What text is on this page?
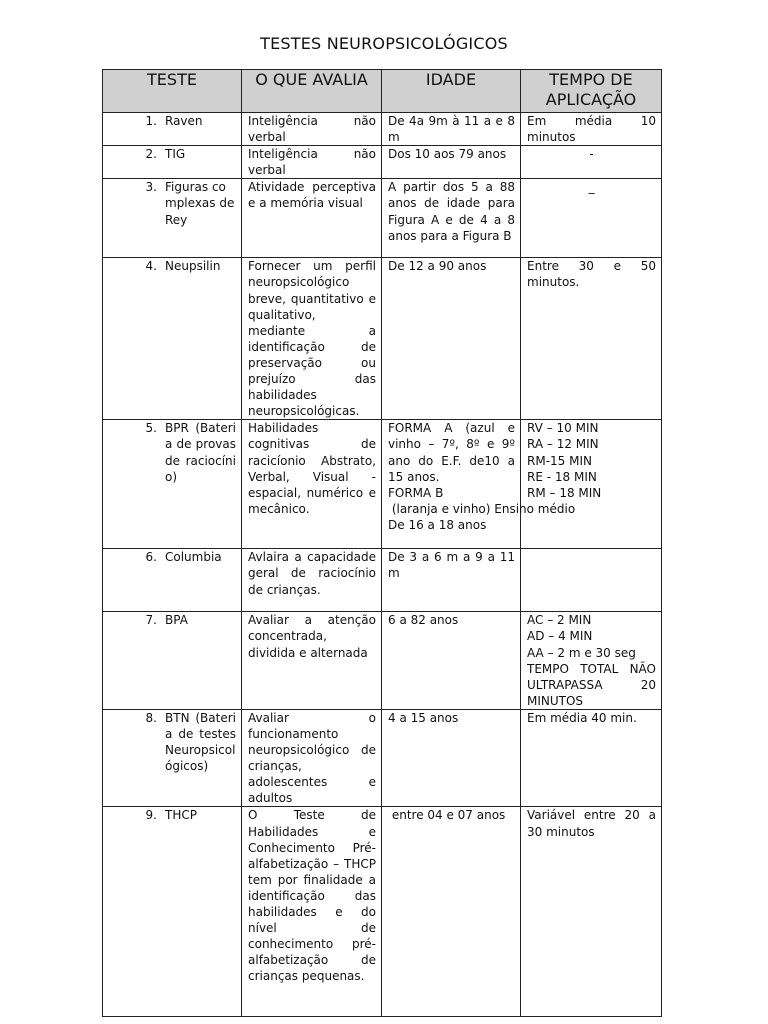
TESTES NEUROPSICOLÓGICOS
TESTE	O QUE AVALIA	IDADE	TEMPO DE APLICAÇÃO

1. Raven	Inteligência não verbal	De 4a 9m à 11 a e 8 m	Em média 10 minutos

2. TIG	Inteligência não verbal	Dos 10 aos 79 anos	-

3. Figuras complexas de Rey	Atividade perceptiva e a memória visual	A partir dos 5 a 88 anos de idade para Figura A e de 4 a 8 anos para a Figura B	_

4. Neupsilin	Fornecer um perfil neuropsicológico breve, quantitativo e qualitativo, mediante a identificação de preservação ou prejuízo das habilidades neuropsicológicas.	De 12 a 90 anos	Entre 30 e 50 minutos.

5. BPR (Bateria de provas de raciocínio)	Habilidades cognitivas de racicíonio Abstrato, Verbal, Visual - espacial, numérico e mecânico.	FORMA A (azul e vinho – 7º, 8º e 9º ano do E.F. de10 a 15 anos.
FORMA B
(laranja e vinho) Ensino médio
De 16 a 18 anos	RV – 10 MIN
RA – 12 MIN
RM-15 MIN
RE - 18 MIN
RM – 18 MIN

6. Columbia	Avlaira a capacidade geral de raciocínio de crianças.	De 3 a 6 m a 9 a 11 m	

7. BPA	Avaliar a atenção concentrada, dividida e alternada	6 a 82 anos	AC – 2 MIN
AD – 4 MIN
AA – 2 m e 30 seg
TEMPO TOTAL NÃO ULTRAPASSA 20 MINUTOS

8. BTN (Bateria de testes Neuropsicológicos)	Avaliar o funcionamento neuropsicológico de crianças, adolescentes e adultos	4 a 15 anos	Em média 40 min.

9. THCP	O Teste de Habilidades e Conhecimento Pré-alfabetização – THCP tem por finalidade a identificação das habilidades e do nível de conhecimento pré-alfabetização de crianças pequenas.	entre 04 e 07 anos	Variável entre 20 a 30 minutos
